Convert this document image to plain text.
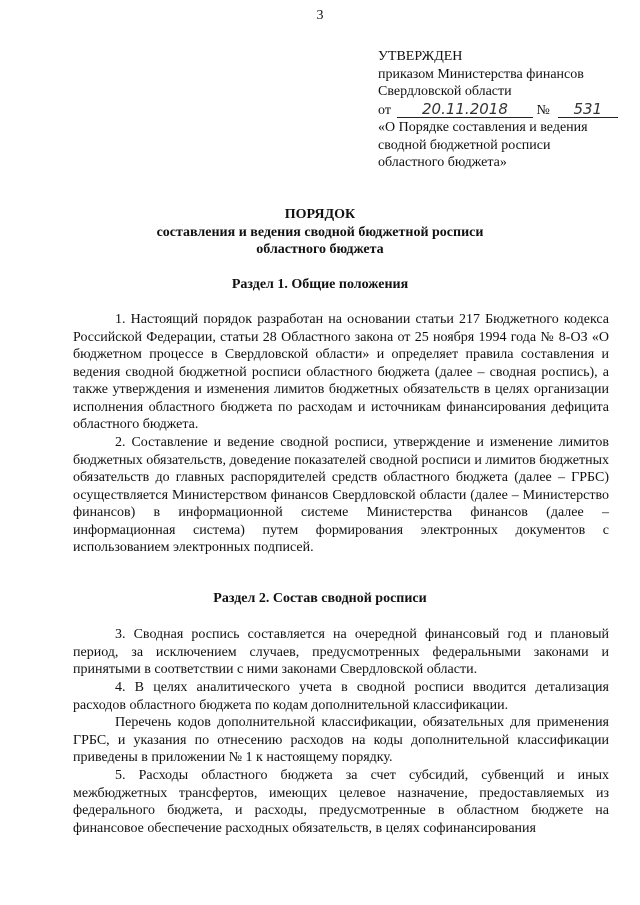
3
УТВЕРЖДЕН
приказом Министерства финансов
Свердловской области
от 20.11.2018 № 531
«О Порядке составления и ведения
сводной бюджетной росписи
областного бюджета»
ПОРЯДОК
составления и ведения сводной бюджетной росписи
областного бюджета
Раздел 1. Общие положения

1. Настоящий порядок разработан на основании статьи 217 Бюджетного кодекса Российской Федерации, статьи 28 Областного закона от 25 ноября 1994 года № 8-ОЗ «О бюджетном процессе в Свердловской области» и определяет правила составления и ведения сводной бюджетной росписи областного бюджета (далее – сводная роспись), а также утверждения и изменения лимитов бюджетных обязательств в целях организации исполнения областного бюджета по расходам и источникам финансирования дефицита областного бюджета.

2. Составление и ведение сводной росписи, утверждение и изменение лимитов бюджетных обязательств, доведение показателей сводной росписи и лимитов бюджетных обязательств до главных распорядителей средств областного бюджета (далее – ГРБС) осуществляется Министерством финансов Свердловской области (далее – Министерство финансов) в информационной системе Министерства финансов (далее – информационная система) путем формирования электронных документов с использованием электронных подписей.

Раздел 2. Состав сводной росписи

3. Сводная роспись составляется на очередной финансовый год и плановый период, за исключением случаев, предусмотренных федеральными законами и принятыми в соответствии с ними законами Свердловской области.

4. В целях аналитического учета в сводной росписи вводится детализация расходов областного бюджета по кодам дополнительной классификации.

Перечень кодов дополнительной классификации, обязательных для применения ГРБС, и указания по отнесению расходов на коды дополнительной классификации приведены в приложении № 1 к настоящему порядку.

5. Расходы областного бюджета за счет субсидий, субвенций и иных межбюджетных трансфертов, имеющих целевое назначение, предоставляемых из федерального бюджета, и расходы, предусмотренные в областном бюджете на финансовое обеспечение расходных обязательств, в целях софинансирования
